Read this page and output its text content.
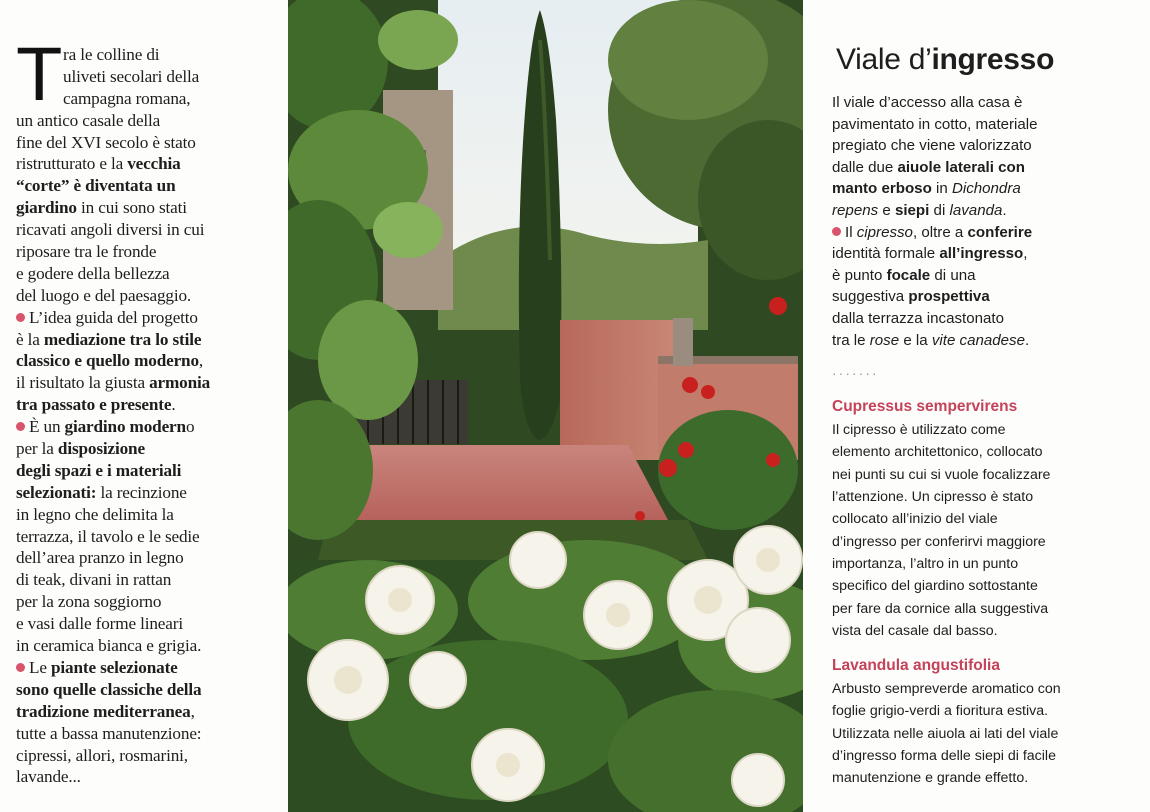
T ra le colline di
uliveti secolari della
campagna romana,
un antico casale della
fine del XVI secolo è stato
ristrutturato e la vecchia
“corte” è diventata un
giardino in cui sono stati
ricavati angoli diversi in cui
riposare tra le fronde
e godere della bellezza
del luogo e del paesaggio.
L’idea guida del progetto
è la mediazione tra lo stile
classico e quello moderno,
il risultato la giusta armonia
tra passato e presente.
È un giardino moderno
per la disposizione
degli spazi e i materiali
selezionati: la recinzione
in legno che delimita la
terrazza, il tavolo e le sedie
dell’area pranzo in legno
di teak, divani in rattan
per la zona soggiorno
e vasi dalle forme lineari
in ceramica bianca e grigia.
Le piante selezionate
sono quelle classiche della
tradizione mediterranea,
tutte a bassa manutenzione:
cipressi, allori, rosmarini,
lavande...
Viale d’ingresso
Il viale d’accesso alla casa è
pavimentato in cotto, materiale
pregiato che viene valorizzato
dalle due aiuole laterali con
manto erboso in Dichondra
repens e siepi di lavanda.
Il cipresso, oltre a conferire
identità formale all’ingresso,
è punto focale di una
suggestiva prospettiva
dalla terrazza incastonato
tra le rose e la vite canadese.
·······
Cupressus sempervirens
Il cipresso è utilizzato come
elemento architettonico, collocato
nei punti su cui si vuole focalizzare
l’attenzione. Un cipresso è stato
collocato all’inizio del viale
d’ingresso per conferirvi maggiore
importanza, l’altro in un punto
specifico del giardino sottostante
per fare da cornice alla suggestiva
vista del casale dal basso.
Lavandula angustifolia
Arbusto sempreverde aromatico con
foglie grigio-verdi a fioritura estiva.
Utilizzata nelle aiuola ai lati del viale
d’ingresso forma delle siepi di facile
manutenzione e grande effetto.
